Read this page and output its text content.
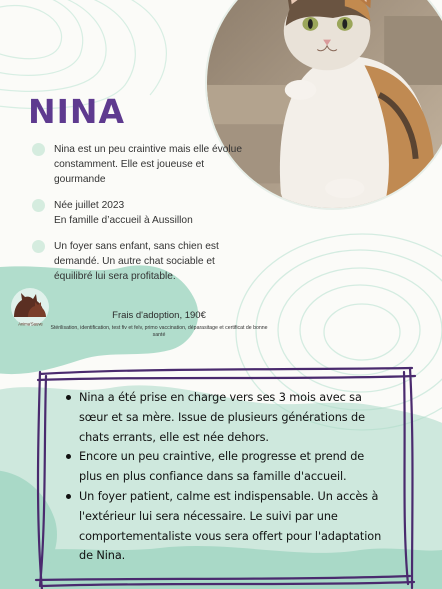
NINA

Nina est un peu craintive mais elle évolue constamment. Elle est joueuse et gourmande

Née juillet 2023
En famille d’accueil à Aussillon

Un foyer sans enfant, sans chien est demandé. Un autre chat sociable et équilibré lui sera profitable.

Anima'Sauve

Frais d'adoption, 190€

Stérilisation, identification, test fiv et felv, primo vaccination, déparasitage et certificat de bonne santé

Nina a été prise en charge vers ses 3 mois avec sa sœur et sa mère. Issue de plusieurs générations de chats errants, elle est née dehors.
Encore un peu craintive, elle progresse et prend de plus en plus confiance dans sa famille d'accueil.
Un foyer patient, calme est indispensable. Un accès à l'extérieur lui sera nécessaire. Le suivi par une comportementaliste vous sera offert pour l'adaptation de Nina.
